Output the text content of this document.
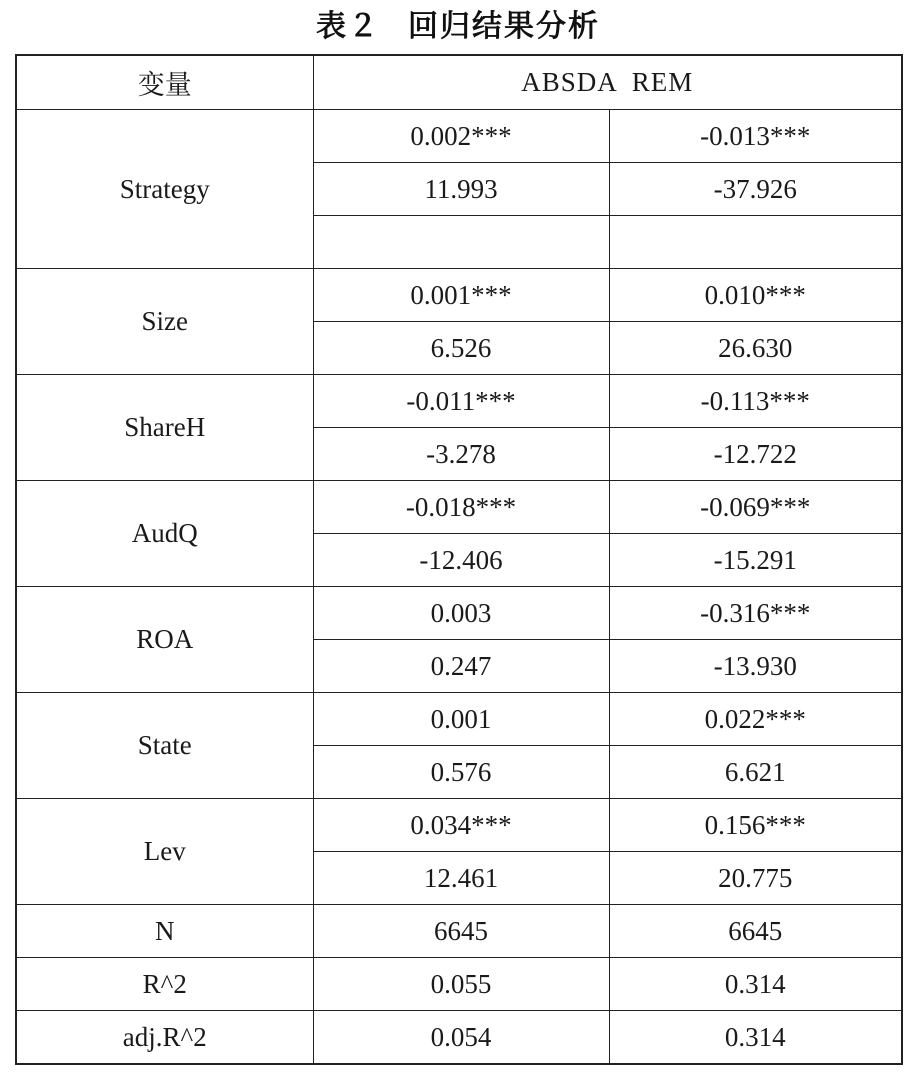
表２ 回归结果分析
变量	ABSDA REM	
Strategy	0.002***	-0.013***
	11.993	-37.926

Size	0.001***	0.010***
	6.526	26.630
ShareH	-0.011***	-0.113***
	-3.278	-12.722
AudQ	-0.018***	-0.069***
	-12.406	-15.291
ROA	0.003	-0.316***
	0.247	-13.930
State	0.001	0.022***
	0.576	6.621
Lev	0.034***	0.156***
	12.461	20.775
N	6645	6645
R^2	0.055	0.314
adj.R^2	0.054	0.314
